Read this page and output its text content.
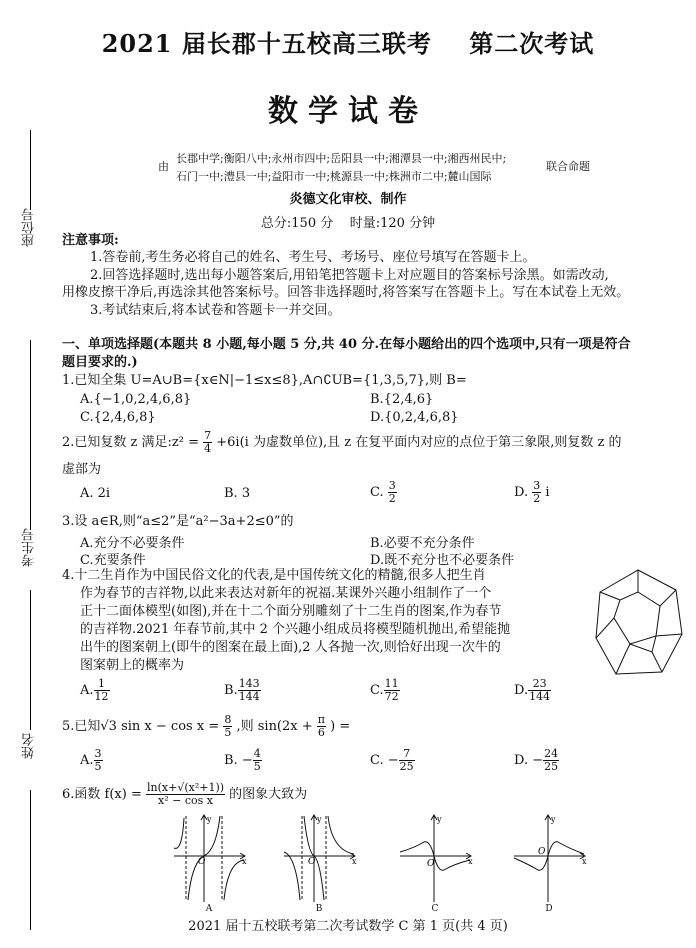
2021 届长郡十五校高三联考    第二次考试
数学试卷
座位号
考生号
姓名
由
长郡中学;衡阳八中;永州市四中;岳阳县一中;湘潭县一中;湘西州民中;
石门一中;澧县一中;益阳市一中;桃源县一中;株洲市二中;麓山国际
联合命题
炎德文化审校、制作
总分:150 分    时量:120 分钟
注意事项:
1.答卷前,考生务必将自己的姓名、考生号、考场号、座位号填写在答题卡上。
2.回答选择题时,选出每小题答案后,用铅笔把答题卡上对应题目的答案标号涂黑。如需改动,
用橡皮擦干净后,再选涂其他答案标号。回答非选择题时,将答案写在答题卡上。写在本试卷上无效。
3.考试结束后,将本试卷和答题卡一并交回。
一、单项选择题(本题共 8 小题,每小题 5 分,共 40 分.在每小题给出的四个选项中,只有一项是符合
题目要求的.)
1.已知全集 U=A∪B={x∈N|−1≤x≤8},A∩∁UB={1,3,5,7},则 B=
A.{−1,0,2,4,6,8}	B.{2,4,6}
C.{2,4,6,8}	D.{0,2,4,6,8}
2.已知复数 z 满足:z² = $\frac{7}{4} +6i(i$ 为虚数单位),且 z 在复平面内对应的点位于第三象限,则复数 z 的
虚部为
A. 2i	B. 3	C. $\frac{3}{2}$	D. $\frac{3}{2}$ i
3.设 a∈R,则“a≤2”是“a²−3a+2≤0”的
A.充分不必要条件	B.必要不充分条件
C.充要条件	D.既不充分也不必要条件
4.十二生肖作为中国民俗文化的代表,是中国传统文化的精髓,很多人把生肖
作为春节的吉祥物,以此来表达对新年的祝福.某课外兴趣小组制作了一个
正十二面体模型(如图),并在十二个面分别雕刻了十二生肖的图案,作为春节
的吉祥物.2021 年春节前,其中 2 个兴趣小组成员将模型随机抛出,希望能抛
出牛的图案朝上(即牛的图案在最上面),2 人各抛一次,则恰好出现一次牛的
图案朝上的概率为
A. $\frac{1}{12}$	B. $\frac{143}{144}$	C. $\frac{11}{72}$	D. $\frac{23}{144}$
5.已知√3 $\sin x - \cos x = \frac{8}{5}$ ,则 $\sin(2x + \frac{\pi}{6}$ ) =
A. $\frac{3}{5}$	B. − $\frac{4}{5}$	C. − $\frac{7}{25}$	D. − $\frac{24}{25}$
6.函数 $f(x) = \frac{\text{ln(x+√(x²+1))}}{\text{x² − cos x}}$ 的图象大致为
y
O	x
A
y
O	x
B
y
O	x
C
y
O
x
D
2021 届十五校联考第二次考试数学 C 第 1 页(共 4 页)
